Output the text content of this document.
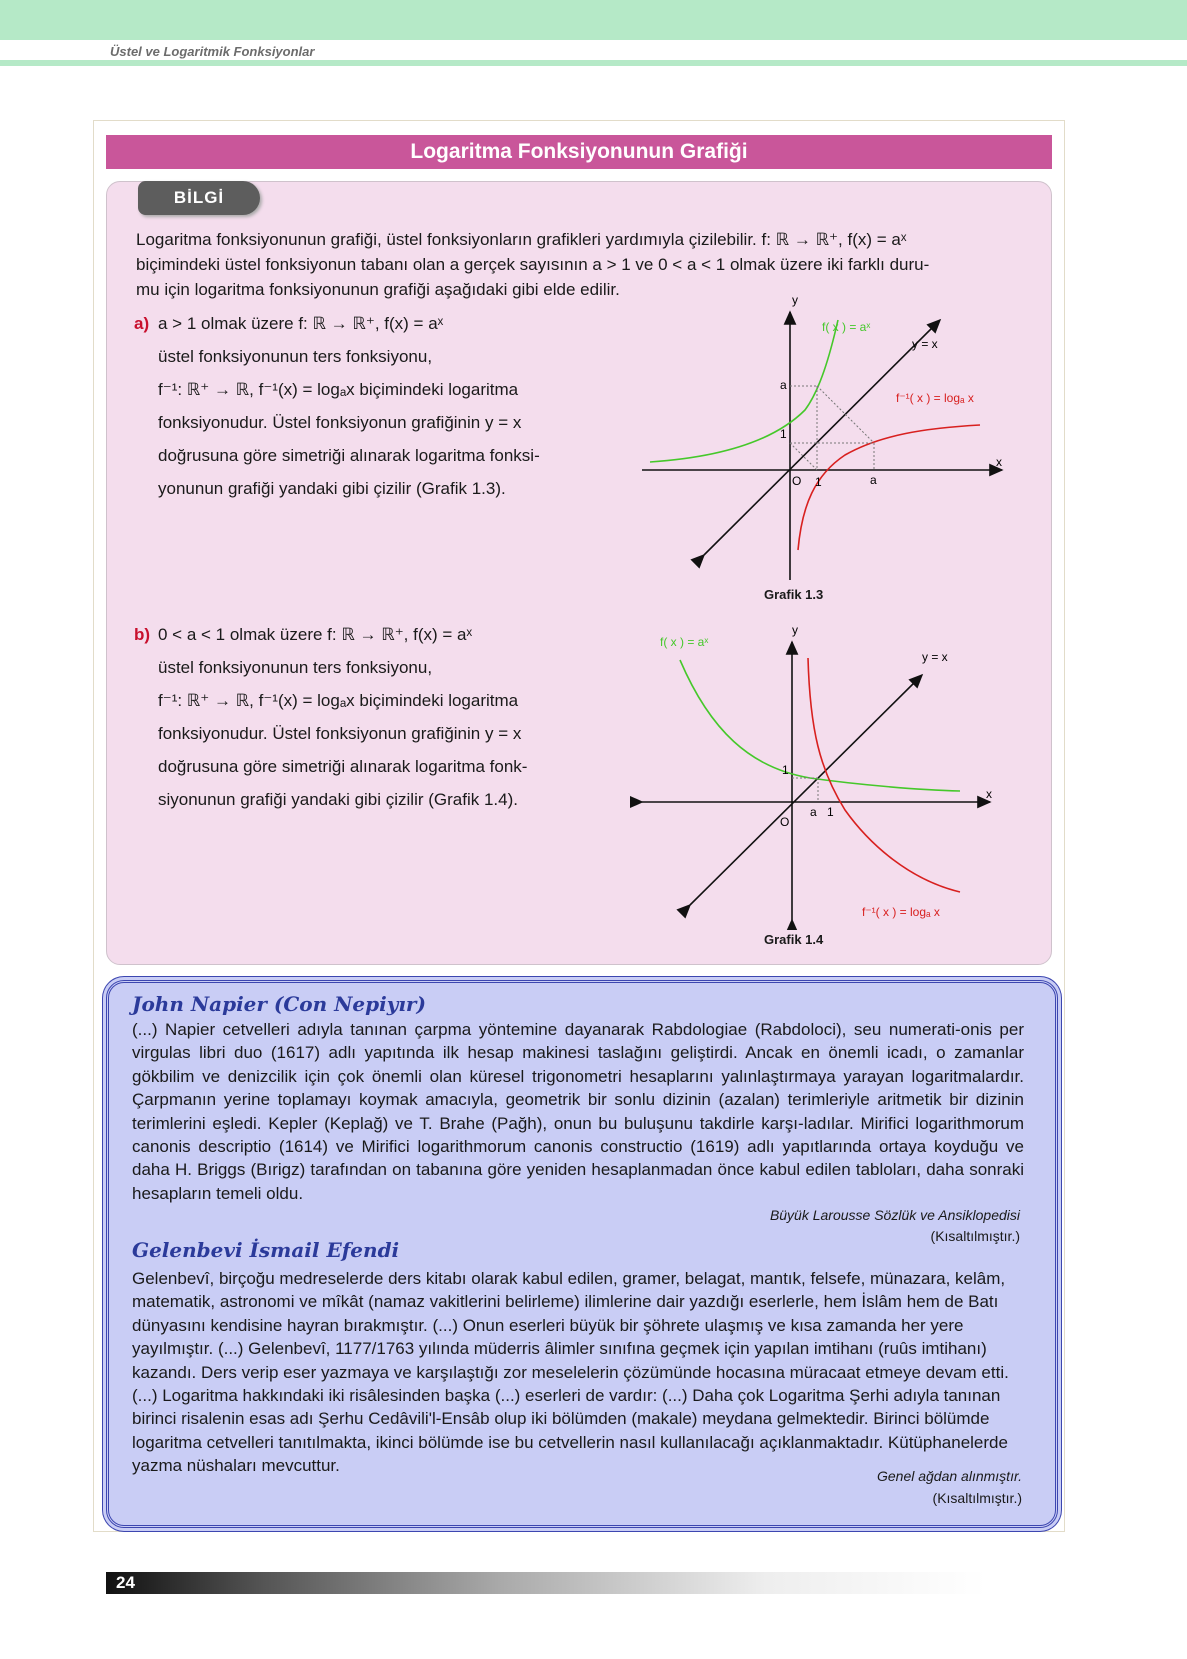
Üstel ve Logaritmik Fonksiyonlar
Logaritma Fonksiyonunun Grafiği
BİLGİ
Logaritma fonksiyonunun grafiği, üstel fonksiyonların grafikleri yardımıyla çizilebilir. f: ℝ → ℝ⁺, f(x) = aˣ
biçimindeki üstel fonksiyonun tabanı olan a gerçek sayısının a > 1 ve 0 < a < 1 olmak üzere iki farklı duru-
mu için logaritma fonksiyonunun grafiği aşağıdaki gibi elde edilir.
a) a > 1 olmak üzere f: ℝ → ℝ⁺, f(x) = aˣ
üstel fonksiyonunun ters fonksiyonu,
f⁻¹: ℝ⁺ → ℝ, f⁻¹(x) = logₐx biçimindeki logaritma
fonksiyonudur. Üstel fonksiyonun grafiğinin y = x
doğrusuna göre simetriği alınarak logaritma fonksi-
yonunun grafiği yandaki gibi çizilir (Grafik 1.3).
y
x
O
a
1
1	a
f( x ) = aˣ
y = x
f⁻¹( x ) = logₐ x
Grafik 1.3
b) 0 < a < 1 olmak üzere f: ℝ → ℝ⁺, f(x) = aˣ
üstel fonksiyonunun ters fonksiyonu,
f⁻¹: ℝ⁺ → ℝ, f⁻¹(x) = logₐx biçimindeki logaritma
fonksiyonudur. Üstel fonksiyonun grafiğinin y = x
doğrusuna göre simetriği alınarak logaritma fonk-
siyonunun grafiği yandaki gibi çizilir (Grafik 1.4).
y
x
O
1
a 1
f( x ) = aˣ
y = x
f⁻¹( x ) = logₐ x
Grafik 1.4
John Napier (Con Nepiyır)
(...) Napier cetvelleri adıyla tanınan çarpma yöntemine dayanarak Rabdologiae (Rabdoloci), seu numerati-onis per virgulas libri duo (1617) adlı yapıtında ilk hesap makinesi taslağını geliştirdi. Ancak en önemli icadı, o zamanlar gökbilim ve denizcilik için çok önemli olan küresel trigonometri hesaplarını yalınlaştırmaya yarayan logaritmalardır. Çarpmanın yerine toplamayı koymak amacıyla, geometrik bir sonlu dizinin (azalan) terimleriyle aritmetik bir dizinin terimlerini eşledi. Kepler (Keplağ) ve T. Brahe (Pağh), onun bu buluşunu takdirle karşı-ladılar. Mirifici logarithmorum canonis descriptio (1614) ve Mirifici logarithmorum canonis constructio (1619) adlı yapıtlarında ortaya koyduğu ve daha H. Briggs (Bırigz) tarafından on tabanına göre yeniden hesaplanmadan önce kabul edilen tabloları, daha sonraki hesapların temeli oldu.
Büyük Larousse Sözlük ve Ansiklopedisi
(Kısaltılmıştır.)
Gelenbevi İsmail Efendi
Gelenbevî, birçoğu medreselerde ders kitabı olarak kabul edilen, gramer, belagat, mantık, felsefe, münazara, kelâm, matematik, astronomi ve mîkât (namaz vakitlerini belirleme) ilimlerine dair yazdığı eserlerle, hem İslâm hem de Batı dünyasını kendisine hayran bırakmıştır. (...) Onun eserleri büyük bir şöhrete ulaşmış ve kısa zamanda her yere yayılmıştır. (...) Gelenbevî, 1177/1763 yılında müderris âlimler sınıfına geçmek için yapılan imtihanı (ruûs imtihanı) kazandı. Ders verip eser yazmaya ve karşılaştığı zor meselelerin çözümünde hocasına müracaat etmeye devam etti. (...) Logaritma hakkındaki iki risâlesinden başka (...) eserleri de vardır: (...) Daha çok Logaritma Şerhi adıyla tanınan birinci risalenin esas adı Şerhu Cedâvili'l-Ensâb olup iki bölümden (makale) meydana gelmektedir. Birinci bölümde logaritma cetvelleri tanıtılmakta, ikinci bölümde ise bu cetvellerin nasıl kullanılacağı açıklanmaktadır. Kütüphanelerde yazma nüshaları mevcuttur.
Genel ağdan alınmıştır.
(Kısaltılmıştır.)
24
